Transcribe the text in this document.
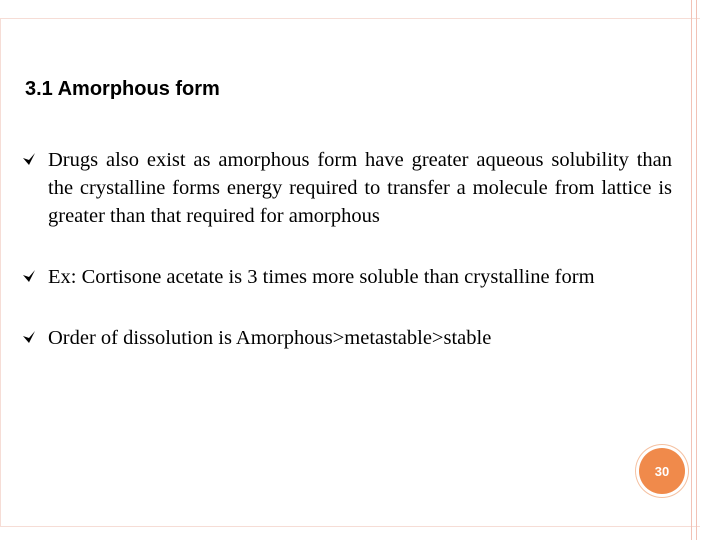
3.1 Amorphous form
Drugs also exist as amorphous form have greater aqueous solubility than the crystalline forms energy required to transfer a molecule from lattice is greater than that required for amorphous
Ex: Cortisone acetate is 3 times more soluble than crystalline form
Order of dissolution is Amorphous>metastable>stable
30
